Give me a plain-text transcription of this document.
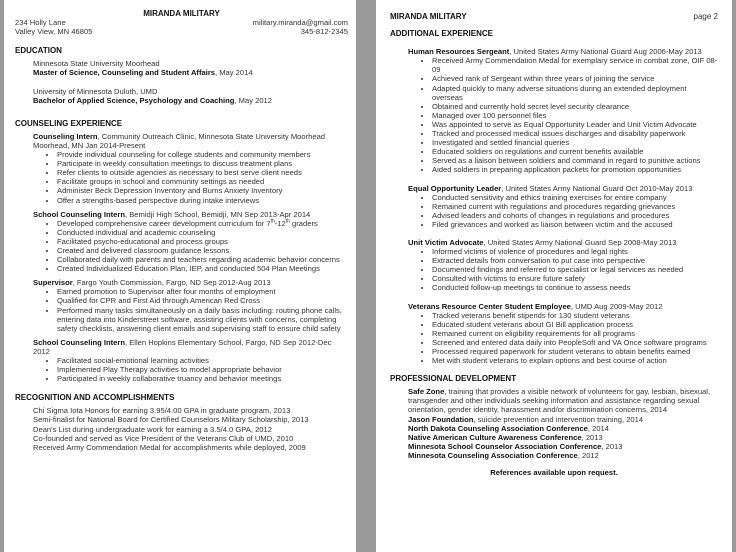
MIRANDA MILITARY
234 Holly Lane	military.miranda@gmail.com
Valley View, MN 46805	345-812-2345
EDUCATION
Minnesota State University Moorhead
Master of Science, Counseling and Student Affairs, May 2014
University of Minnesota Duluth, UMD
Bachelor of Applied Science, Psychology and Coaching, May 2012
COUNSELING EXPERIENCE
Counseling Intern, Community Outreach Clinic, Minnesota State University Moorhead
Moorhead, MN Jan 2014-Present
• Provide individual counseling for college students and community members
• Participate in weekly consultation meetings to discuss treatment plans
• Refer clients to outside agencies as necessary to best serve client needs
• Facilitate groups in school and community settings as needed
• Administer Beck Depression Inventory and Burns Anxiety Inventory
• Offer a strengths-based perspective during intake interviews
School Counseling Intern, Bemidji High School, Bemidji, MN Sep 2013-Apr 2014
• Developed comprehensive career development curriculum for 7th-12th graders
• Conducted individual and academic counseling
• Facilitated psycho-educational and process groups
• Created and delivered classroom guidance lessons
• Collaborated daily with parents and teachers regarding academic behavior concerns
• Created Individualized Education Plan, IEP, and conducted 504 Plan Meetings
Supervisor, Fargo Youth Commission, Fargo, ND Sep 2012-Aug 2013
• Earned promotion to Supervisor after four months of employment
• Qualified for CPR and First Aid through American Red Cross
• Performed many tasks simultaneously on a daily basis including: routing phone calls, entering data into Kinderstreet software, assisting clients with concerns, completing safety checklists, answering client emails and supervising staff to ensure child safety
School Counseling Intern, Ellen Hopkins Elementary School, Fargo, ND Sep 2012-Dec 2012
• Facilitated social-emotional learning activities
• Implemented Play Therapy activities to model appropriate behavior
• Participated in weekly collaborative truancy and behavior meetings
RECOGNITION AND ACCOMPLISHMENTS
Chi Sigma Iota Honors for earning 3.95/4.00 GPA in graduate program, 2013
Semi-finalist for National Board for Certified Counselors Military Scholarship, 2013
Dean's List during undergraduate work for earning a 3.5/4.0 GPA, 2012
Co-founded and served as Vice President of the Veterans Club of UMD, 2010
Received Army Commendation Medal for accomplishments while deployed, 2009
MIRANDA MILITARY	page 2
ADDITIONAL EXPERIENCE
Human Resources Sergeant, United States Army National Guard Aug 2006-May 2013
• Received Army Commendation Medal for exemplary service in combat zone, OIF 08-09
• Achieved rank of Sergeant within three years of joining the service
• Adapted quickly to many adverse situations during an extended deployment overseas
• Obtained and currently hold secret level security clearance
• Managed over 100 personnel files
• Was appointed to serve as Equal Opportunity Leader and Unit Victim Advocate
• Tracked and processed medical issues discharges and disability paperwork
• Investigated and settled financial queries
• Educated soldiers on regulations and current benefits available
• Served as a liaison between soldiers and command in regard to punitive actions
• Aided soldiers in preparing application packets for promotion opportunities
Equal Opportunity Leader, United States Army National Guard Oct 2010-May 2013
• Conducted sensitivity and ethics training exercises for entire company
• Remained current with regulations and procedures regarding grievances
• Advised leaders and cohorts of changes in regulations and procedures
• Filed grievances and worked as liaison between victim and the accused
Unit Victim Advocate, United States Army National Guard Sep 2008-May 2013
• Informed victims of violence of procedures and legal rights
• Extracted details from conversation to put case into perspective
• Documented findings and referred to specialist or legal services as needed
• Consulted with victims to ensure future safety
• Conducted follow-up meetings to continue to assess needs
Veterans Resource Center Student Employee, UMD Aug 2009-May 2012
• Tracked veterans benefit stipends for 130 student veterans
• Educated student veterans about GI Bill application process
• Remained current on eligibility requirements for all programs
• Screened and entered data daily into PeopleSoft and VA Once software programs
• Processed required paperwork for student veterans to obtain benefits earned
• Met with student veterans to explain options and best course of action
PROFESSIONAL DEVELOPMENT
Safe Zone, training that provides a visible network of volunteers for gay, lesbian, bisexual, transgender and other individuals seeking information and assistance regarding sexual orientation, gender identity, harassment and/or discrimination concerns, 2014
Jason Foundation, suicide prevention and intervention training, 2014
North Dakota Counseling Association Conference, 2014
Native American Culture Awareness Conference, 2013
Minnesota School Counselor Association Conference, 2013
Minnesota Counseling Association Conference, 2012
References available upon request.
